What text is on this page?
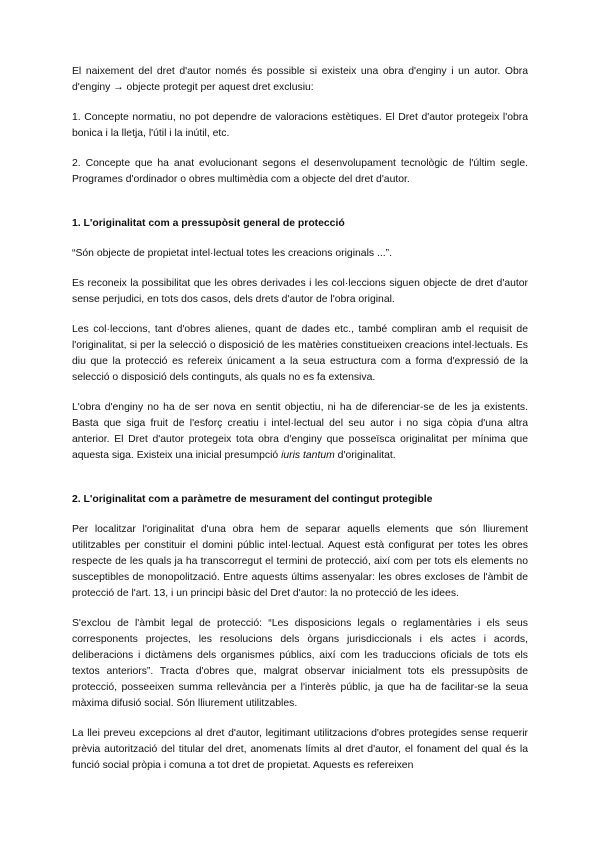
El naixement del dret d'autor només és possible si existeix una obra d'enginy i un autor. Obra d'enginy → objecte protegit per aquest dret exclusiu:

1. Concepte normatiu, no pot dependre de valoracions estètiques. El Dret d'autor protegeix l'obra bonica i la lletja, l'útil i la inútil, etc.

2. Concepte que ha anat evolucionant segons el desenvolupament tecnològic de l'últim segle. Programes d'ordinador o obres multimèdia com a objecte del dret d'autor.

1. L'originalitat com a pressupòsit general de protecció

“Són objecte de propietat intel·lectual totes les creacions originals ...”.

Es reconeix la possibilitat que les obres derivades i les col·leccions siguen objecte de dret d'autor sense perjudici, en tots dos casos, dels drets d'autor de l'obra original.

Les col·leccions, tant d'obres alienes, quant de dades etc., també compliran amb el requisit de l'originalitat, si per la selecció o disposició de les matèries constitueixen creacions intel·lectuals. Es diu que la protecció es refereix únicament a la seua estructura com a forma d'expressió de la selecció o disposició dels continguts, als quals no es fa extensiva.

L'obra d'enginy no ha de ser nova en sentit objectiu, ni ha de diferenciar-se de les ja existents. Basta que siga fruit de l'esforç creatiu i intel·lectual del seu autor i no siga còpia d'una altra anterior. El Dret d'autor protegeix tota obra d'enginy que posseïsca originalitat per mínima que aquesta siga. Existeix una inicial presumpció iuris tantum d'originalitat.

2. L'originalitat com a paràmetre de mesurament del contingut protegible

Per localitzar l'originalitat d'una obra hem de separar aquells elements que són lliurement utilitzables per constituir el domini públic intel·lectual. Aquest està configurat per totes les obres respecte de les quals ja ha transcorregut el termini de protecció, així com per tots els elements no susceptibles de monopolització. Entre aquests últims assenyalar: les obres excloses de l'àmbit de protecció de l'art. 13, i un principi bàsic del Dret d'autor: la no protecció de les idees.

S'exclou de l'àmbit legal de protecció: “Les disposicions legals o reglamentàries i els seus corresponents projectes, les resolucions dels òrgans jurisdiccionals i els actes i acords, deliberacions i dictàmens dels organismes públics, així com les traduccions oficials de tots els textos anteriors”. Tracta d'obres que, malgrat observar inicialment tots els pressupòsits de protecció, posseeixen summa rellevància per a l'interès públic, ja que ha de facilitar-se la seua màxima difusió social. Són lliurement utilitzables.

La llei preveu excepcions al dret d'autor, legitimant utilitzacions d'obres protegides sense requerir prèvia autorització del titular del dret, anomenats límits al dret d'autor, el fonament del qual és la funció social pròpia i comuna a tot dret de propietat. Aquests es refereixen
